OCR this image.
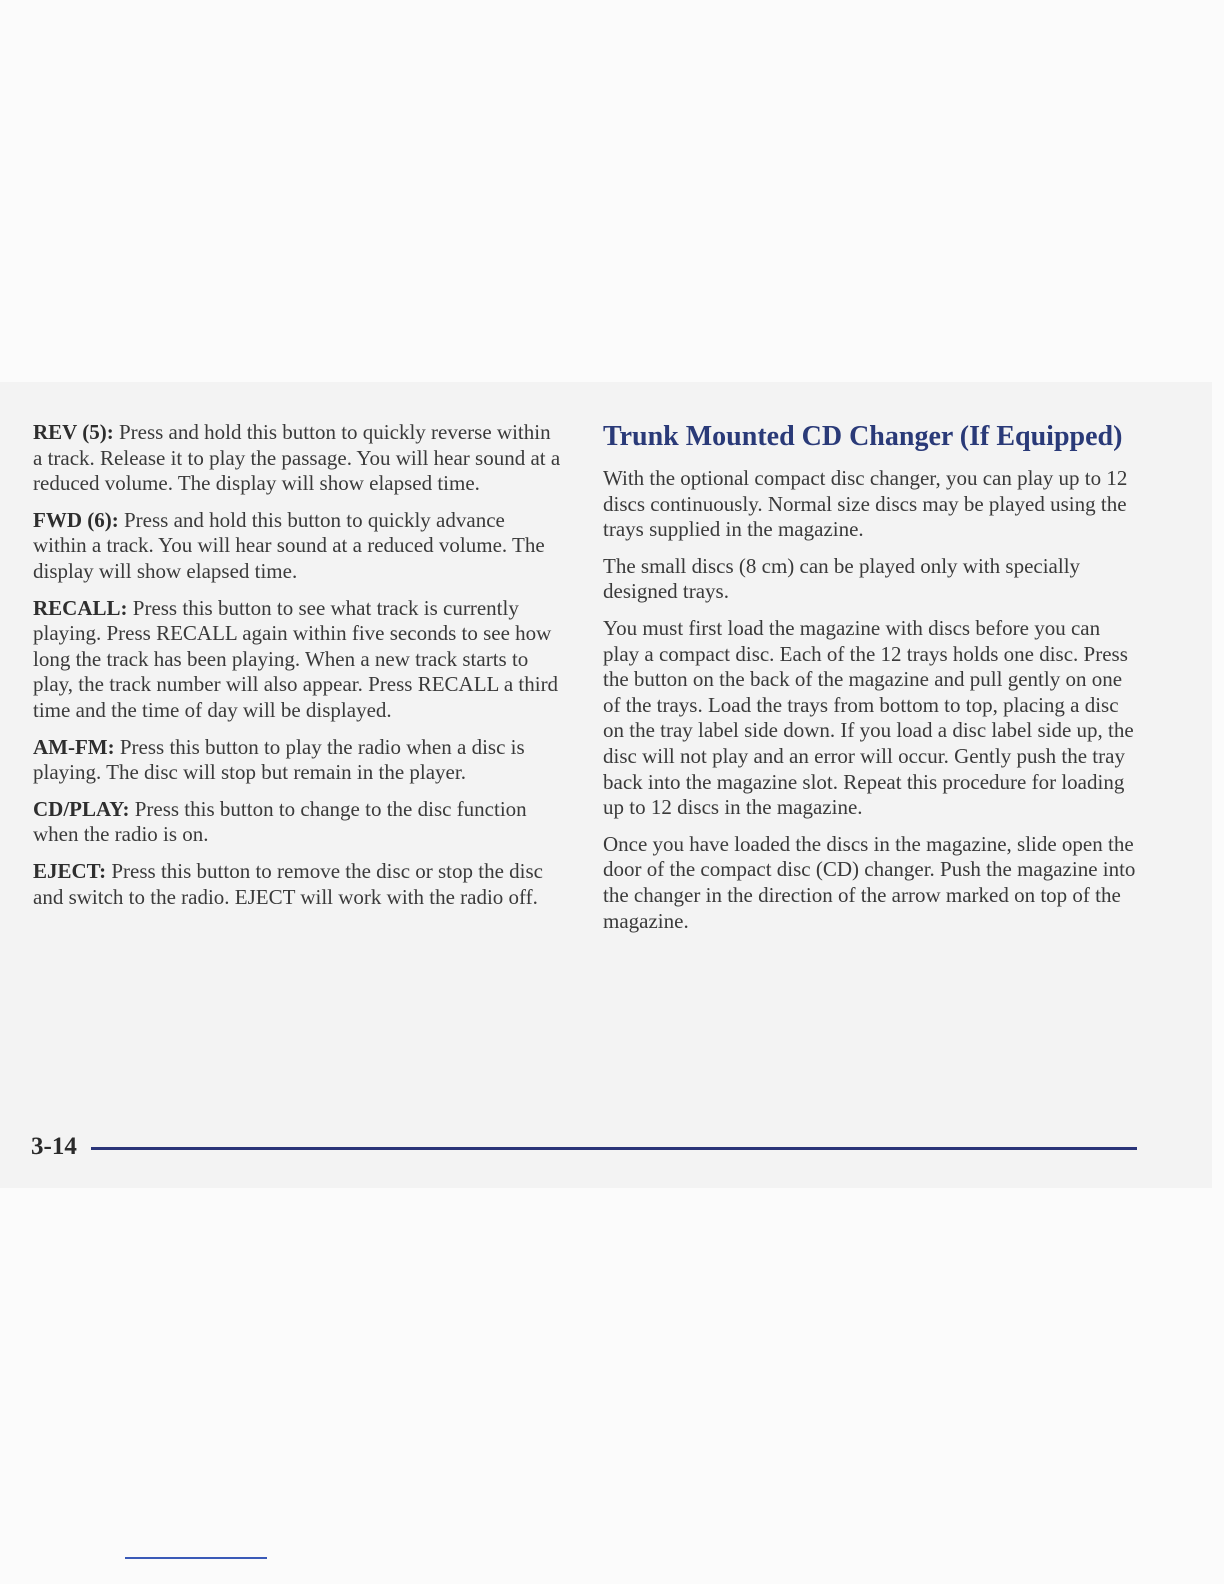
REV (5): Press and hold this button to quickly reverse within a track. Release it to play the passage. You will hear sound at a reduced volume. The display will show elapsed time.

FWD (6): Press and hold this button to quickly advance within a track. You will hear sound at a reduced volume. The display will show elapsed time.

RECALL: Press this button to see what track is currently playing. Press RECALL again within five seconds to see how long the track has been playing. When a new track starts to play, the track number will also appear. Press RECALL a third time and the time of day will be displayed.

AM-FM: Press this button to play the radio when a disc is playing. The disc will stop but remain in the player.

CD/PLAY: Press this button to change to the disc function when the radio is on.

EJECT: Press this button to remove the disc or stop the disc and switch to the radio. EJECT will work with the radio off.

Trunk Mounted CD Changer (If Equipped)

With the optional compact disc changer, you can play up to 12 discs continuously. Normal size discs may be played using the trays supplied in the magazine.

The small discs (8 cm) can be played only with specially designed trays.

You must first load the magazine with discs before you can play a compact disc. Each of the 12 trays holds one disc. Press the button on the back of the magazine and pull gently on one of the trays. Load the trays from bottom to top, placing a disc on the tray label side down. If you load a disc label side up, the disc will not play and an error will occur. Gently push the tray back into the magazine slot. Repeat this procedure for loading up to 12 discs in the magazine.

Once you have loaded the discs in the magazine, slide open the door of the compact disc (CD) changer. Push the magazine into the changer in the direction of the arrow marked on top of the magazine.

3-14
